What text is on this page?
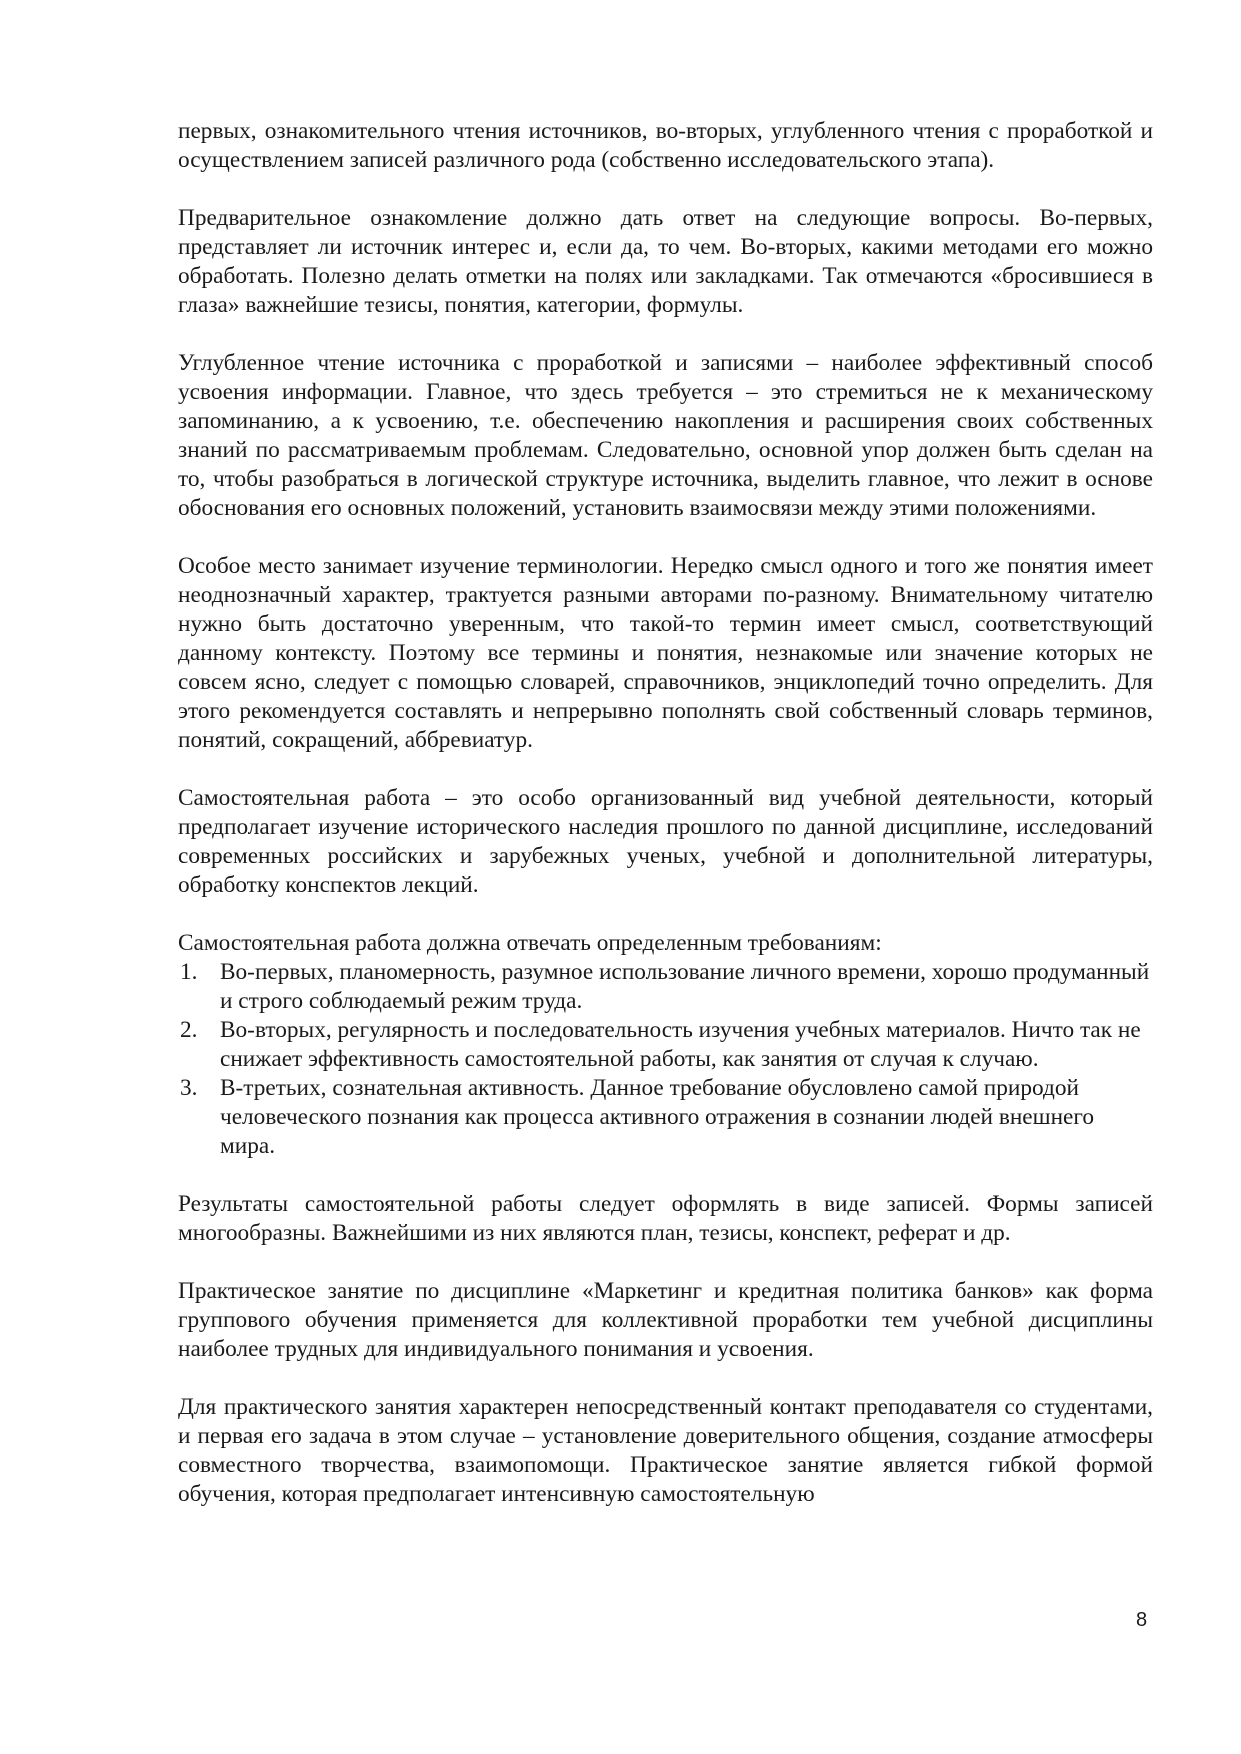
первых, ознакомительного чтения источников, во-вторых, углубленного чтения с проработкой и осуществлением записей различного рода (собственно исследовательского этапа).

Предварительное ознакомление должно дать ответ на следующие вопросы. Во-первых, представляет ли источник интерес и, если да, то чем. Во-вторых, какими методами его можно обработать. Полезно делать отметки на полях или закладками. Так отмечаются «бросившиеся в глаза» важнейшие тезисы, понятия, категории, формулы.

Углубленное чтение источника с проработкой и записями – наиболее эффективный способ усвоения информации. Главное, что здесь требуется – это стремиться не к механическому запоминанию, а к усвоению, т.е. обеспечению накопления и расширения своих собственных знаний по рассматриваемым проблемам. Следовательно, основной упор должен быть сделан на то, чтобы разобраться в логической структуре источника, выделить главное, что лежит в основе обоснования его основных положений, установить взаимосвязи между этими положениями.

Особое место занимает изучение терминологии. Нередко смысл одного и того же понятия имеет неоднозначный характер, трактуется разными авторами по-разному. Внимательному читателю нужно быть достаточно уверенным, что такой-то термин имеет смысл, соответствующий данному контексту. Поэтому все термины и понятия, незнакомые или значение которых не совсем ясно, следует с помощью словарей, справочников, энциклопедий точно определить. Для этого рекомендуется составлять и непрерывно пополнять свой собственный словарь терминов, понятий, сокращений, аббревиатур.

Самостоятельная работа – это особо организованный вид учебной деятельности, который предполагает изучение исторического наследия прошлого по данной дисциплине, исследований современных российских и зарубежных ученых, учебной и дополнительной литературы, обработку конспектов лекций.

Самостоятельная работа должна отвечать определенным требованиям:

1. Во-первых, планомерность, разумное использование личного времени, хорошо продуманный и строго соблюдаемый режим труда.
2. Во-вторых, регулярность и последовательность изучения учебных материалов. Ничто так не снижает эффективность самостоятельной работы, как занятия от случая к случаю.
3. В-третьих, сознательная активность. Данное требование обусловлено самой природой человеческого познания как процесса активного отражения в сознании людей внешнего мира.

Результаты самостоятельной работы следует оформлять в виде записей. Формы записей многообразны. Важнейшими из них являются план, тезисы, конспект, реферат и др.

Практическое занятие по дисциплине «Маркетинг и кредитная политика банков» как форма группового обучения применяется для коллективной проработки тем учебной дисциплины наиболее трудных для индивидуального понимания и усвоения.

Для практического занятия характерен непосредственный контакт преподавателя со студентами, и первая его задача в этом случае – установление доверительного общения, создание атмосферы совместного творчества, взаимопомощи. Практическое занятие является гибкой формой обучения, которая предполагает интенсивную самостоятельную

8
